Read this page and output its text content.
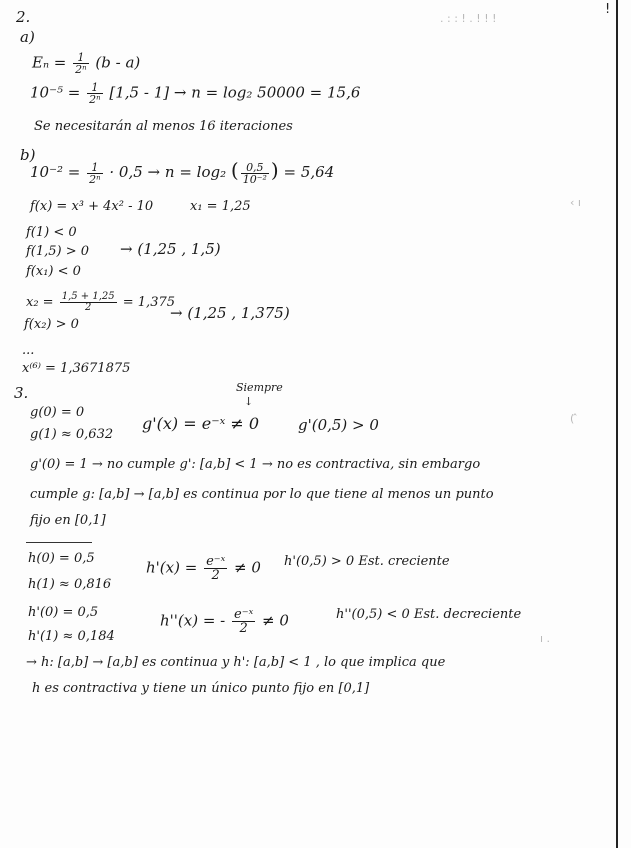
!
. : : ! . ! ! !
2.
a)
$E_n = \frac{1}{\text{2ⁿ}} (b - a)$
$10^{-5} = \frac{1}{\text{2ⁿ}} [1,5 - 1] \to n = \log_2$ 50000 = 15,6
Se necesitarán al menos 16 iteraciones
b)
$10^{-2} = \frac{1}{\text{2ⁿ}} \cdot 0,5 \to n = \log_2$ ( $\frac{0,5}{\text{10⁻²}}$ ) = 5,64
f(x) = x³ + 4x² - 10	x₁ = 1,25
f(1) < 0
f(1,5) > 0 → (1,25 , 1,5)
f(x₁) < 0
$x_2 = \frac{1,5 + 1,25}{2} = 1,375$
f(x₂) > 0
→ (1,25 , 1,375)
...
x⁽⁶⁾ = 1,3671875
3.	Siempre
↓
g(0) = 0
g(1) ≈ 0,632
g'(x) = e⁻ˣ ≠ 0	g'(0,5) > 0
g'(0) = 1 → no cumple g': [a,b] < 1 → no es contractiva, sin embargo
cumple g: [a,b] → [a,b] es continua por lo que tiene al menos un punto
fijo en [0,1]
h(0) = 0,5
h(1) ≈ 0,816
$h'(x) = \frac{\text{e⁻ˣ}}{2} \ne 0$ h'(0,5) > 0 Est. creciente
h'(0) = 0,5
h'(1) ≈ 0,184
h''(x) = - $\frac{\text{e⁻ˣ}}{2} \ne 0$	h''(0,5) < 0 Est. decreciente
→ h: [a,b] → [a,b] es continua y h': [a,b] < 1 , lo que implica que
h es contractiva y tiene un único punto fijo en [0,1]
‹ ı
( ̂
ı .
